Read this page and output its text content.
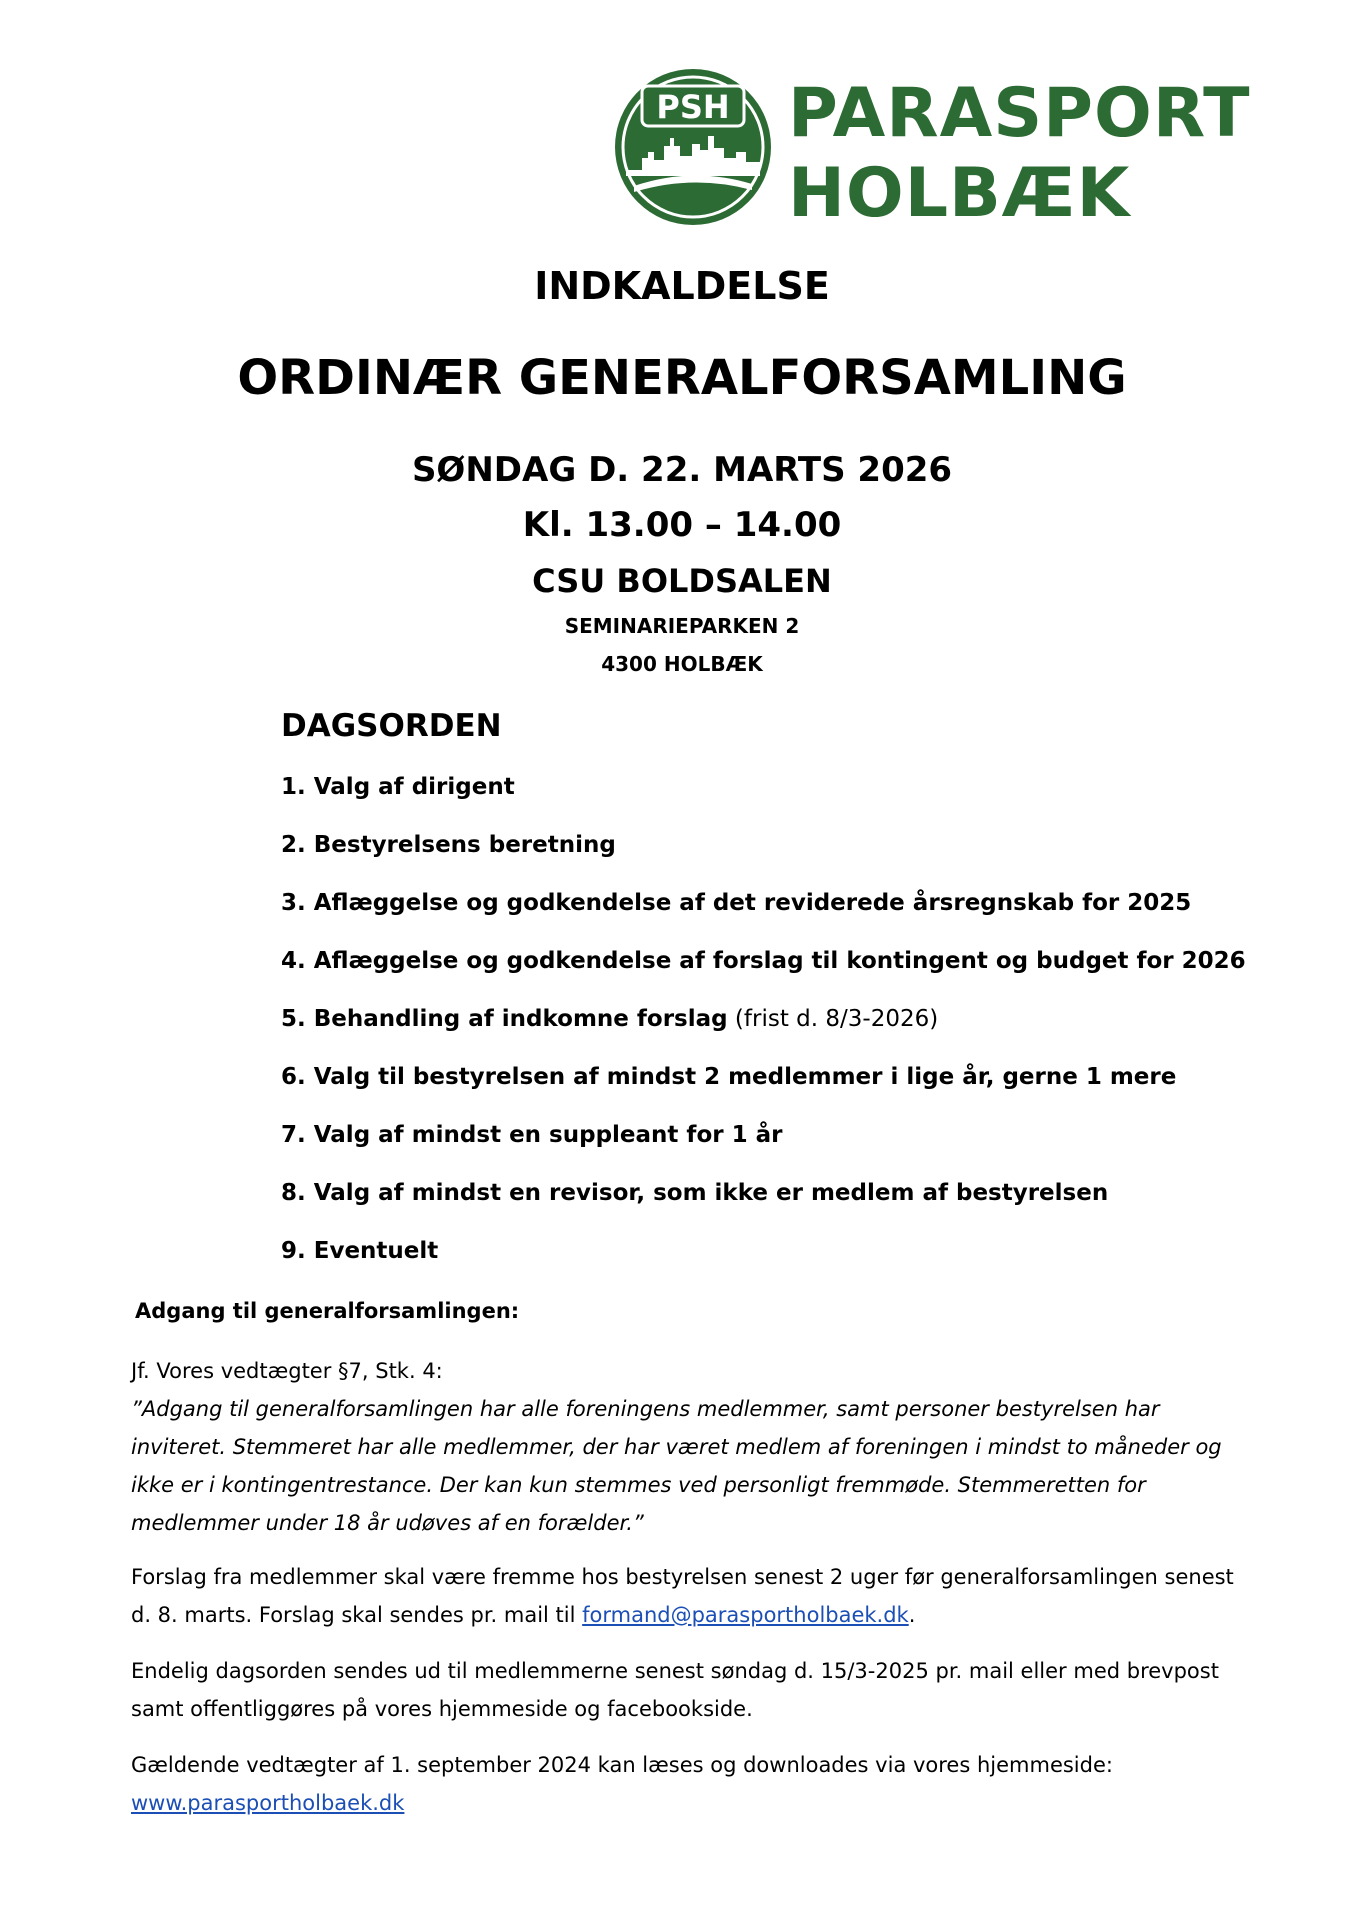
PSH PARASPORT
HOLBÆK
INDKALDELSE
ORDINÆR GENERALFORSAMLING
SØNDAG D. 22. MARTS 2026
Kl. 13.00 – 14.00
CSU BOLDSALEN
SEMINARIEPARKEN 2
4300 HOLBÆK
DAGSORDEN
1. Valg af dirigent
2. Bestyrelsens beretning
3. Aflæggelse og godkendelse af det reviderede årsregnskab for 2025
4. Aflæggelse og godkendelse af forslag til kontingent og budget for 2026
5. Behandling af indkomne forslag (frist d. 8/3-2026)
6. Valg til bestyrelsen af mindst 2 medlemmer i lige år, gerne 1 mere
7. Valg af mindst en suppleant for 1 år
8. Valg af mindst en revisor, som ikke er medlem af bestyrelsen
9. Eventuelt
Adgang til generalforsamlingen:
Jf. Vores vedtægter §7, Stk. 4:
”Adgang til generalforsamlingen har alle foreningens medlemmer, samt personer bestyrelsen har inviteret. Stemmeret har alle medlemmer, der har været medlem af foreningen i mindst to måneder og ikke er i kontingentrestance. Der kan kun stemmes ved personligt fremmøde. Stemmeretten for medlemmer under 18 år udøves af en forælder.”
Forslag fra medlemmer skal være fremme hos bestyrelsen senest 2 uger før generalforsamlingen senest d. 8. marts. Forslag skal sendes pr. mail til formand@parasportholbaek.dk.
Endelig dagsorden sendes ud til medlemmerne senest søndag d. 15/3-2025 pr. mail eller med brevpost samt offentliggøres på vores hjemmeside og facebookside.
Gældende vedtægter af 1. september 2024 kan læses og downloades via vores hjemmeside:
www.parasportholbaek.dk
